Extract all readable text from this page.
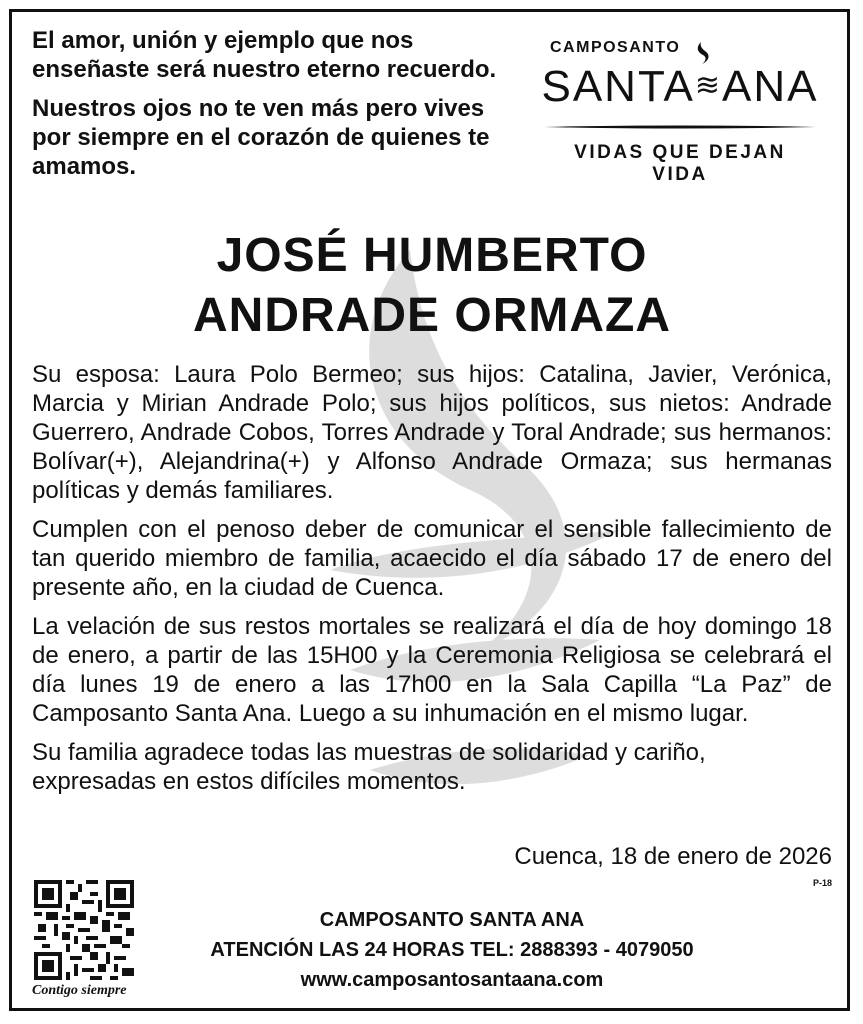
El amor, unión y ejemplo que nos enseñaste será nuestro eterno recuerdo.

Nuestros ojos no te ven más pero vives por siempre en el corazón de quienes te amamos.

CAMPOSANTO
SANTA≋ANA
VIDAS QUE DEJAN VIDA
JOSÉ HUMBERTO
ANDRADE ORMAZA

Su esposa: Laura Polo Bermeo; sus hijos: Catalina, Javier, Verónica, Marcia y Mirian Andrade Polo; sus hijos políticos, sus nietos: Andrade Guerrero, Andrade Cobos, Torres Andrade y Toral Andrade; sus hermanos: Bolívar(+), Alejandrina(+) y Alfonso Andrade Ormaza; sus hermanas políticas y demás familiares.

Cumplen con el penoso deber de comunicar el sensible fallecimiento de tan querido miembro de familia, acaecido el día sábado 17 de enero del presente año, en la ciudad de Cuenca.

La velación de sus restos mortales se realizará el día de hoy domingo 18 de enero, a partir de las 15H00 y la Ceremonia Religiosa se celebrará el día lunes 19 de enero a las 17h00 en la Sala Capilla “La Paz” de Camposanto Santa Ana. Luego a su inhumación en el mismo lugar.

Su familia agradece todas las muestras de solidaridad y cariño, expresadas en estos difíciles momentos.

Cuenca, 18 de enero de 2026
P-18
Contigo siempre
CAMPOSANTO SANTA ANA
ATENCIÓN LAS 24 HORAS TEL: 2888393 - 4079050
www.camposantosantaana.com
